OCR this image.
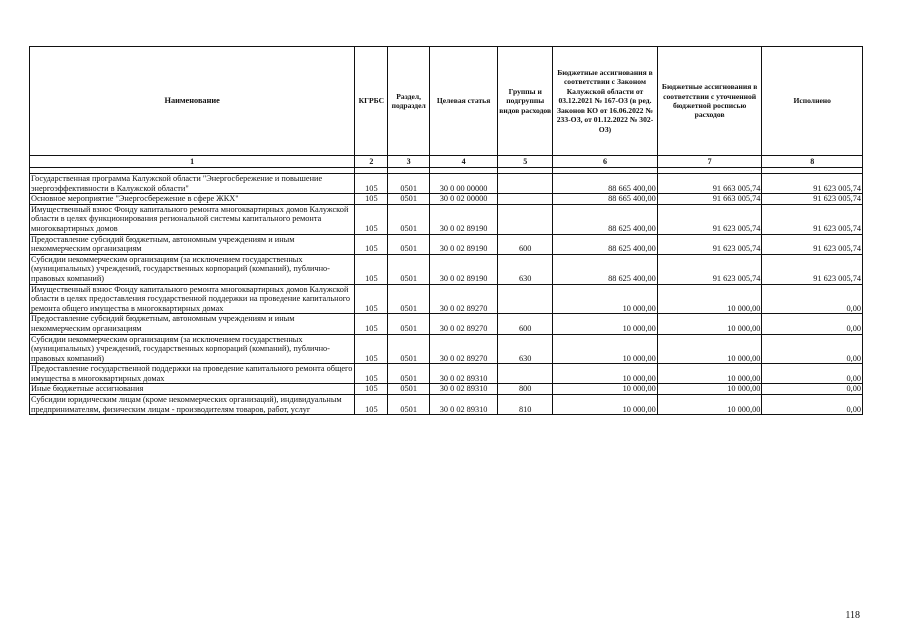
Наименование	КГРБС	Раздел, подраздел	Целевая статья	Группы и подгруппы видов расходов	Бюджетные ассигнования в соответствии с Законом Калужской области от 03.12.2021 № 167-ОЗ (в ред. Законов КО от 16.06.2022 № 233-ОЗ, от 01.12.2022 № 302-ОЗ)	Бюджетные ассигнования в соответствии с уточненной бюджетной росписью расходов	Исполнено
1	2	3	4	5	6	7	8

Государственная программа Калужской области "Энергосбережение и повышение энергоэффективности в Калужской области"	105	0501	30 0 00 00000		88 665 400,00	91 663 005,74	91 623 005,74
Основное мероприятие "Энергосбережение в сфере ЖКХ"	105	0501	30 0 02 00000		88 665 400,00	91 663 005,74	91 623 005,74
Имущественный взнос Фонду капитального ремонта многоквартирных домов Калужской области в целях функционирования региональной системы капитального ремонта многоквартирных домов	105	0501	30 0 02 89190		88 625 400,00	91 623 005,74	91 623 005,74
Предоставление субсидий бюджетным, автономным учреждениям и иным некоммерческим организациям	105	0501	30 0 02 89190	600	88 625 400,00	91 623 005,74	91 623 005,74
Субсидии некоммерческим организациям (за исключением государственных (муниципальных) учреждений, государственных корпораций (компаний), публично-правовых компаний)	105	0501	30 0 02 89190	630	88 625 400,00	91 623 005,74	91 623 005,74
Имущественный взнос Фонду капитального ремонта многоквартирных домов Калужской области в целях предоставления государственной поддержки на проведение капитального ремонта общего имущества в многоквартирных домах	105	0501	30 0 02 89270		10 000,00	10 000,00	0,00
Предоставление субсидий бюджетным, автономным учреждениям и иным некоммерческим организациям	105	0501	30 0 02 89270	600	10 000,00	10 000,00	0,00
Субсидии некоммерческим организациям (за исключением государственных (муниципальных) учреждений, государственных корпораций (компаний), публично-правовых компаний)	105	0501	30 0 02 89270	630	10 000,00	10 000,00	0,00
Предоставление государственной поддержки на проведение капитального ремонта общего имущества в многоквартирных домах	105	0501	30 0 02 89310		10 000,00	10 000,00	0,00
Иные бюджетные ассигнования	105	0501	30 0 02 89310	800	10 000,00	10 000,00	0,00
Субсидии юридическим лицам (кроме некоммерческих организаций), индивидуальным предпринимателям, физическим лицам - производителям товаров, работ, услуг	105	0501	30 0 02 89310	810	10 000,00	10 000,00	0,00
118
